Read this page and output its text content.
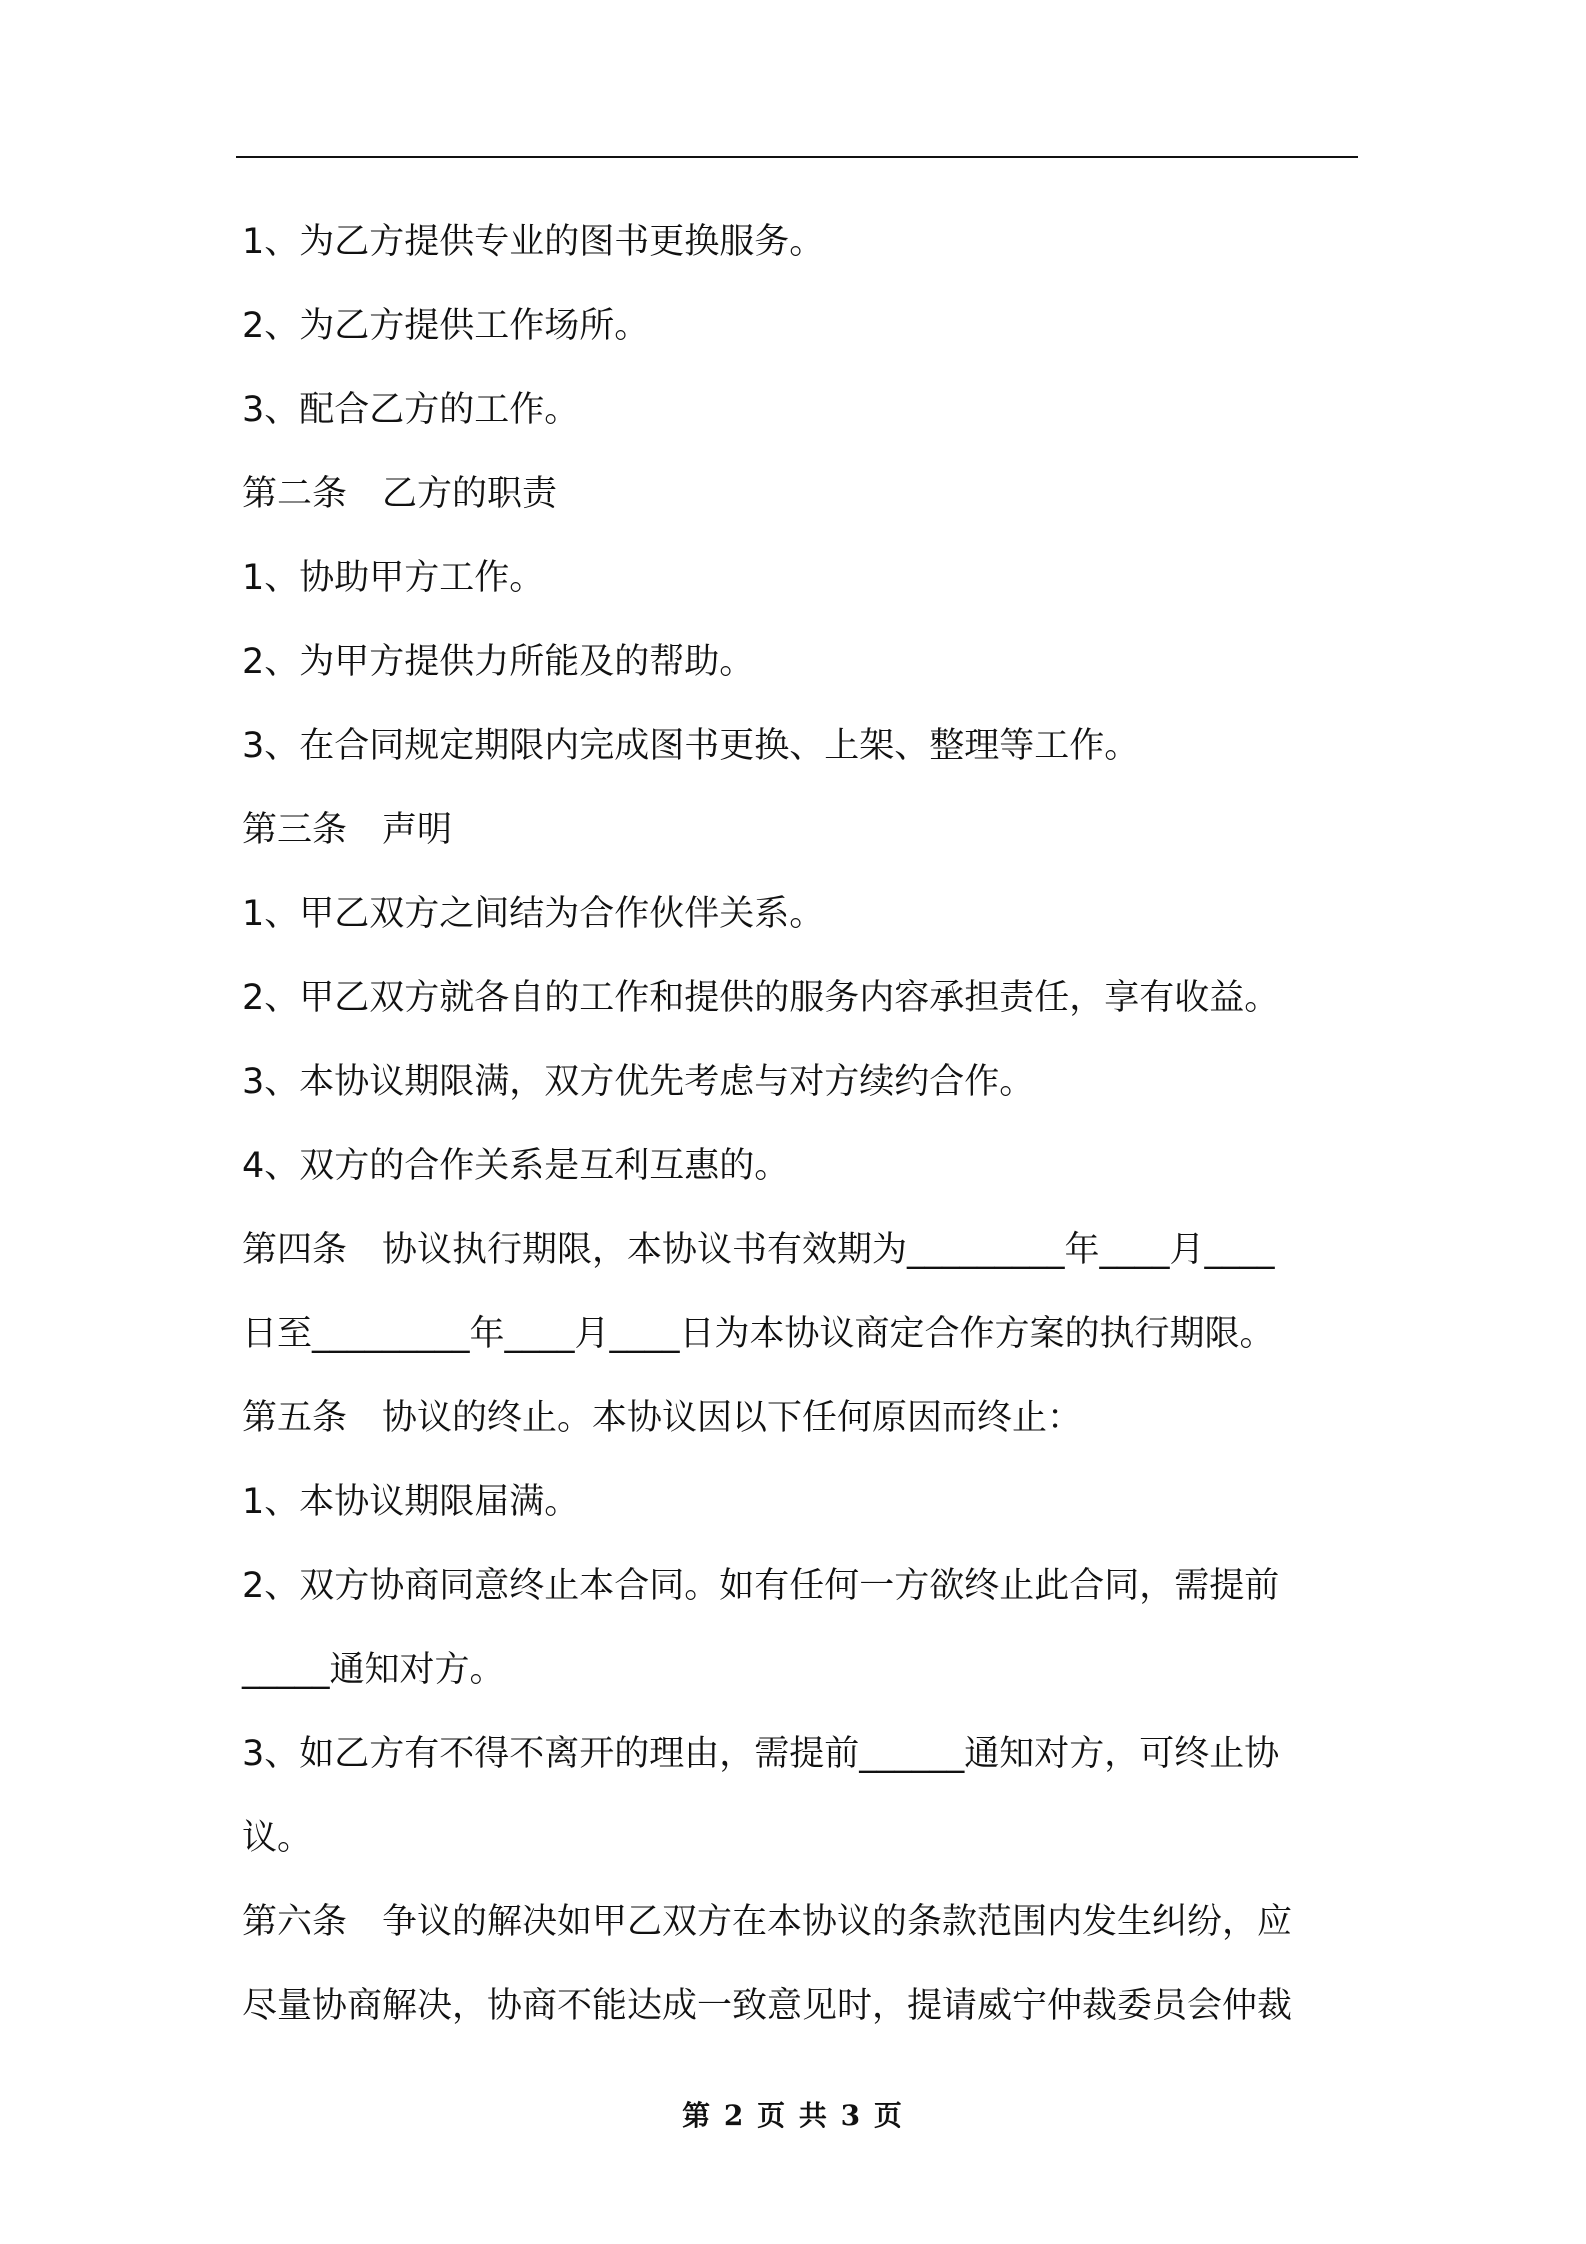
1、为乙方提供专业的图书更换服务。
2、为乙方提供工作场所。
3、配合乙方的工作。
第二条　乙方的职责
1、协助甲方工作。
2、为甲方提供力所能及的帮助。
3、在合同规定期限内完成图书更换、上架、整理等工作。
第三条　声明
1、甲乙双方之间结为合作伙伴关系。
2、甲乙双方就各自的工作和提供的服务内容承担责任，享有收益。
3、本协议期限满，双方优先考虑与对方续约合作。
4、双方的合作关系是互利互惠的。
第四条　协议执行期限，本协议书有效期为_________年____月____
日至_________年____月____日为本协议商定合作方案的执行期限。
第五条　协议的终止。本协议因以下任何原因而终止：
1、本协议期限届满。
2、双方协商同意终止本合同。如有任何一方欲终止此合同，需提前
_____通知对方。
3、如乙方有不得不离开的理由，需提前______通知对方，可终止协
议。
第六条　争议的解决如甲乙双方在本协议的条款范围内发生纠纷，应
尽量协商解决，协商不能达成一致意见时，提请威宁仲裁委员会仲裁
第 2 页 共 3 页
